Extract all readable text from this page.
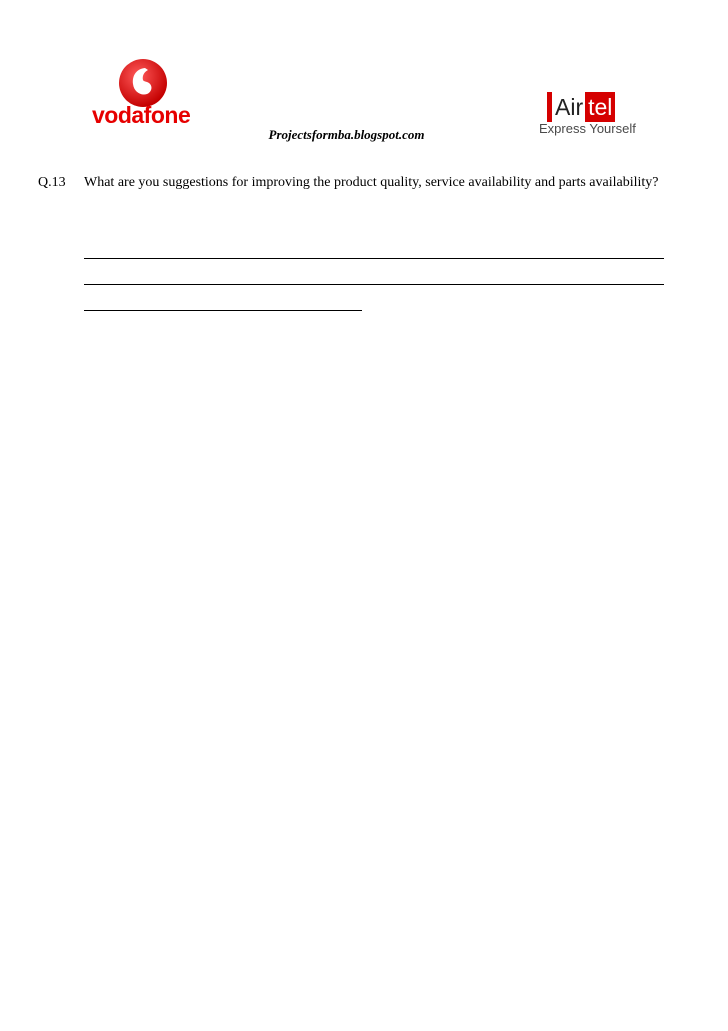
vodafone	Air tel
Express Yourself
Projectsformba.blogspot.com
Q.13 What are you suggestions for improving the product quality, service availability and parts availability?
